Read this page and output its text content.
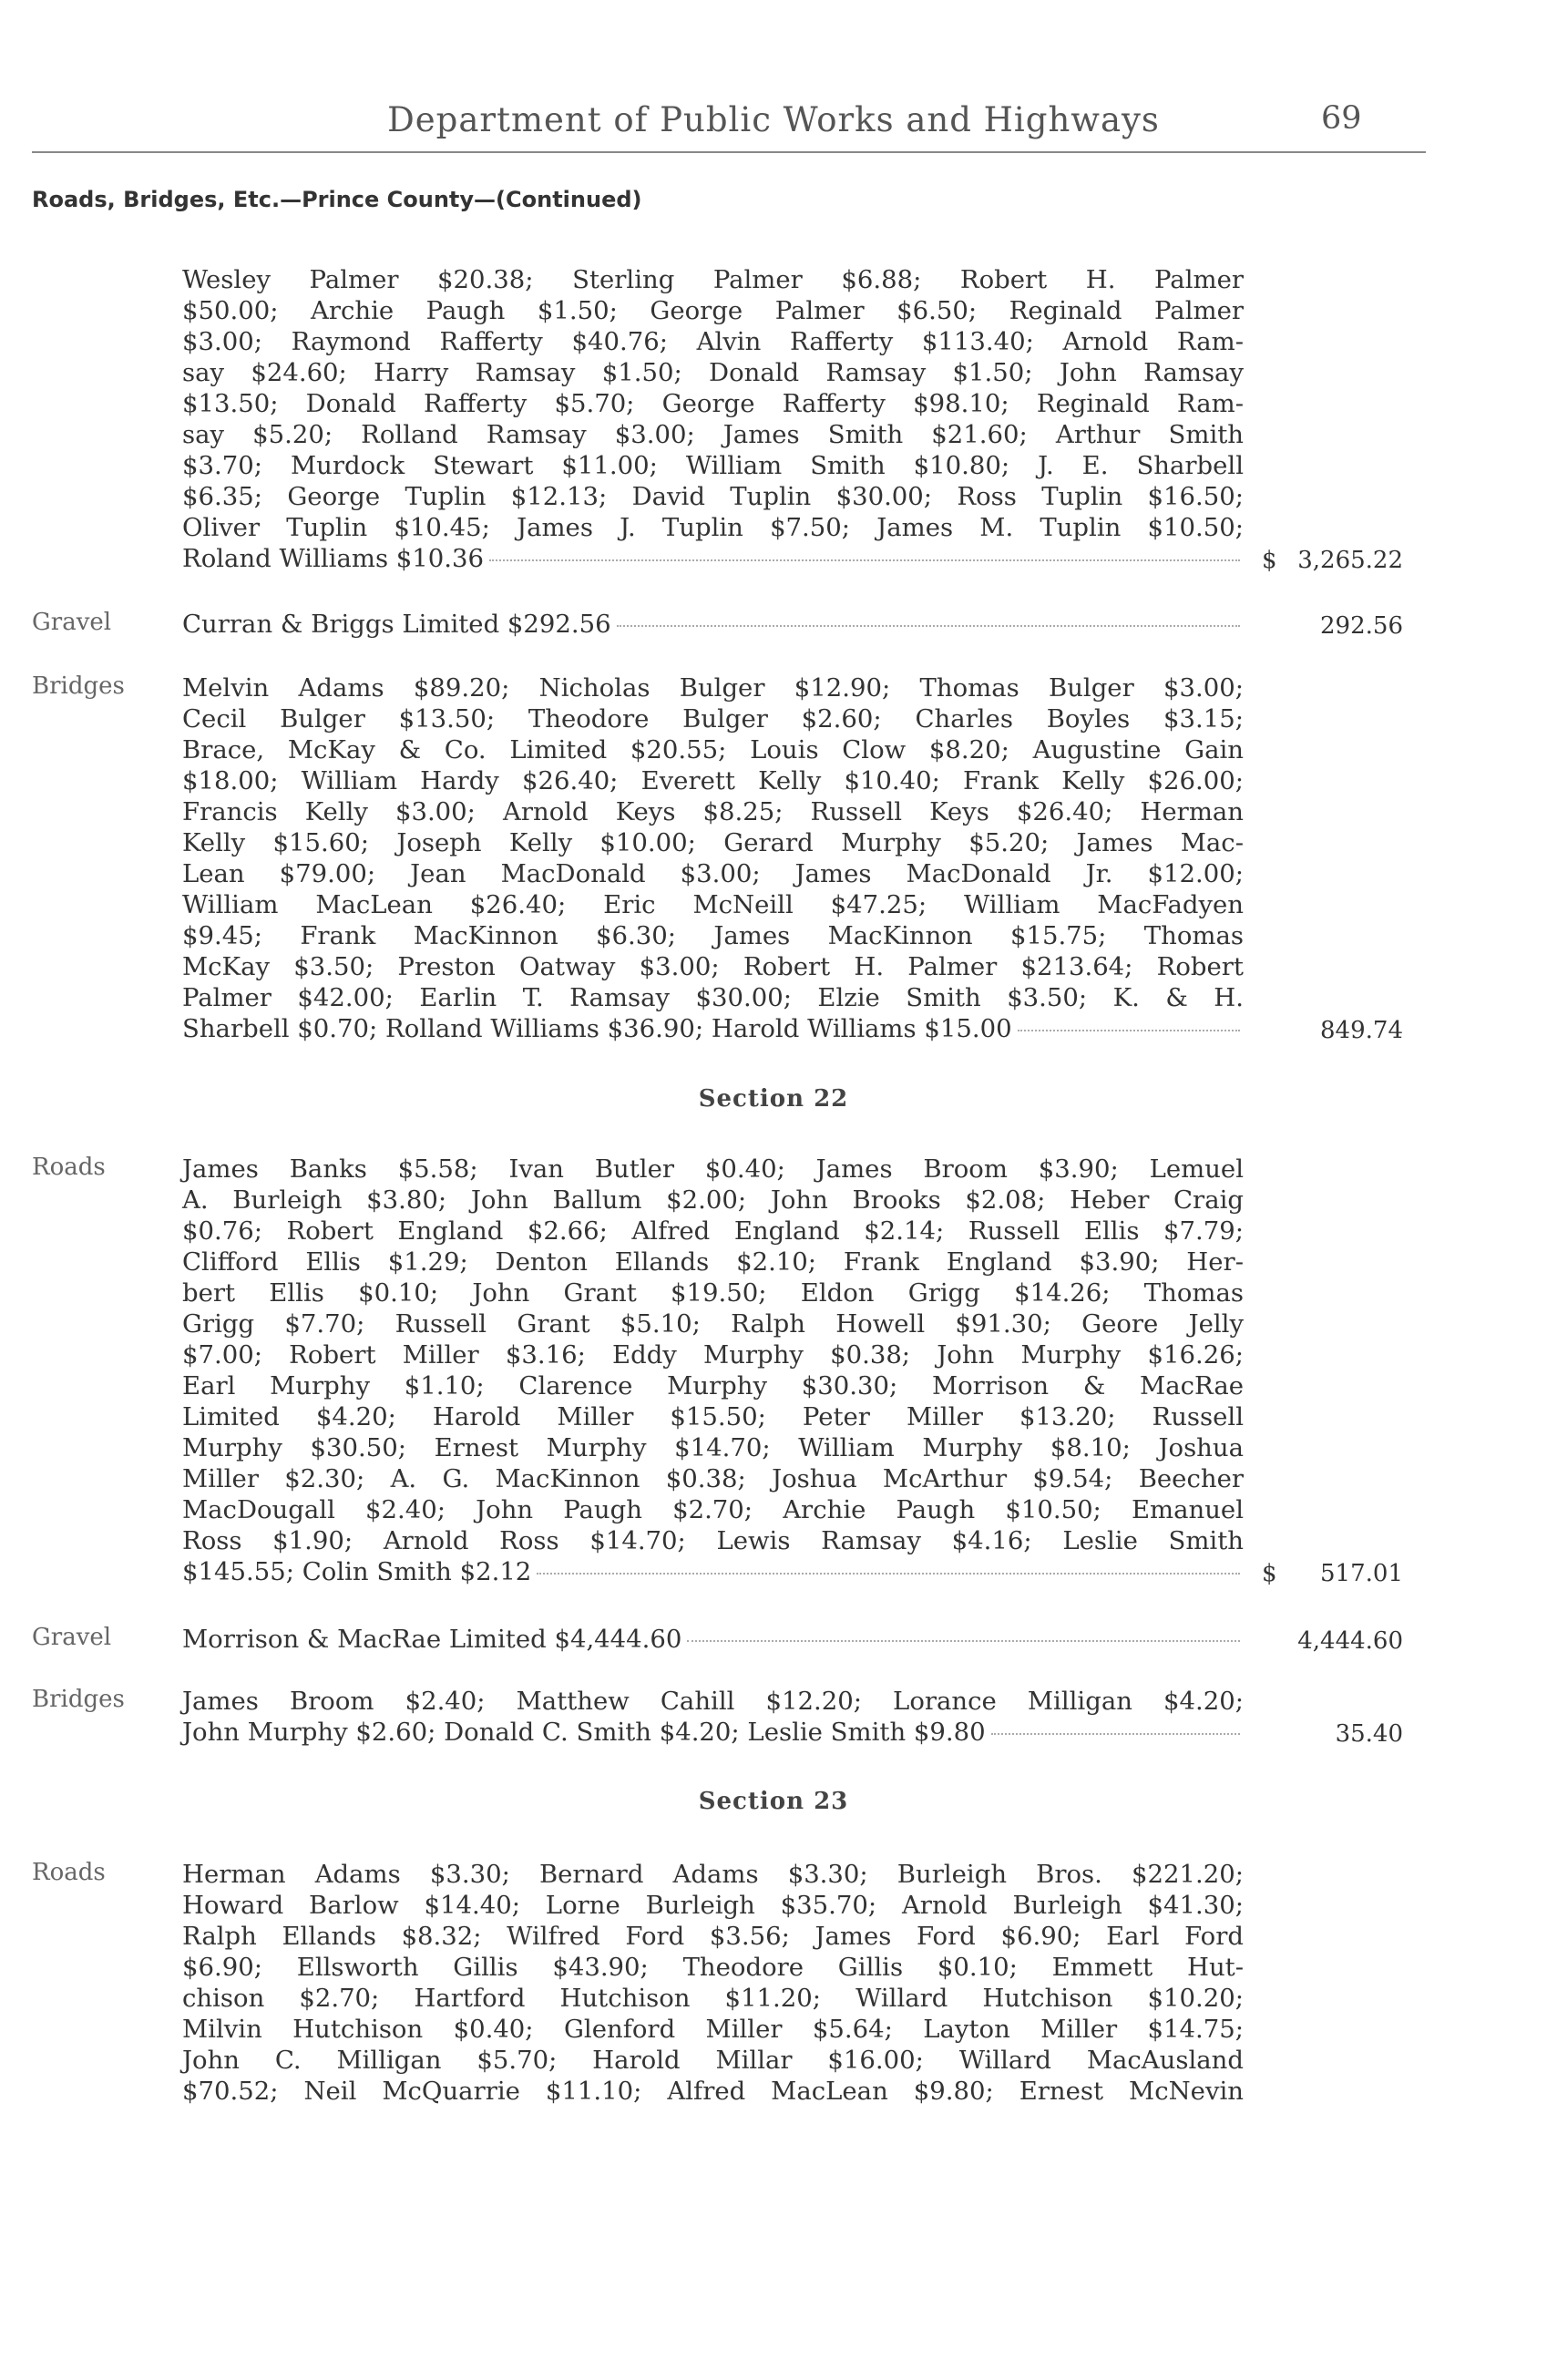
Department of Public Works and Highways	69
Roads, Bridges, Etc.—Prince County—(Continued)
Wesley Palmer $20.38; Sterling Palmer $6.88; Robert H. Palmer
$50.00; Archie Paugh $1.50; George Palmer $6.50; Reginald Palmer
$3.00; Raymond Rafferty $40.76; Alvin Rafferty $113.40; Arnold Ram-
say $24.60; Harry Ramsay $1.50; Donald Ramsay $1.50; John Ramsay
$13.50; Donald Rafferty $5.70; George Rafferty $98.10; Reginald Ram-
say $5.20; Rolland Ramsay $3.00; James Smith $21.60; Arthur Smith
$3.70; Murdock Stewart $11.00; William Smith $10.80; J. E. Sharbell
$6.35; George Tuplin $12.13; David Tuplin $30.00; Ross Tuplin $16.50;
Oliver Tuplin $10.45; James J. Tuplin $7.50; James M. Tuplin $10.50;
Roland Williams $10.36	$ 3,265.22
Gravel	Curran & Briggs Limited $292.56	292.56
Bridges	Melvin Adams $89.20; Nicholas Bulger $12.90; Thomas Bulger $3.00;
Cecil Bulger $13.50; Theodore Bulger $2.60; Charles Boyles $3.15;
Brace, McKay & Co. Limited $20.55; Louis Clow $8.20; Augustine Gain
$18.00; William Hardy $26.40; Everett Kelly $10.40; Frank Kelly $26.00;
Francis Kelly $3.00; Arnold Keys $8.25; Russell Keys $26.40; Herman
Kelly $15.60; Joseph Kelly $10.00; Gerard Murphy $5.20; James Mac-
Lean $79.00; Jean MacDonald $3.00; James MacDonald Jr. $12.00;
William MacLean $26.40; Eric McNeill $47.25; William MacFadyen
$9.45; Frank MacKinnon $6.30; James MacKinnon $15.75; Thomas
McKay $3.50; Preston Oatway $3.00; Robert H. Palmer $213.64; Robert
Palmer $42.00; Earlin T. Ramsay $30.00; Elzie Smith $3.50; K. & H.
Sharbell $0.70; Rolland Williams $36.90; Harold Williams $15.00	849.74
Section 22
Roads	James Banks $5.58; Ivan Butler $0.40; James Broom $3.90; Lemuel
A. Burleigh $3.80; John Ballum $2.00; John Brooks $2.08; Heber Craig
$0.76; Robert England $2.66; Alfred England $2.14; Russell Ellis $7.79;
Clifford Ellis $1.29; Denton Ellands $2.10; Frank England $3.90; Her-
bert Ellis $0.10; John Grant $19.50; Eldon Grigg $14.26; Thomas
Grigg $7.70; Russell Grant $5.10; Ralph Howell $91.30; Geore Jelly
$7.00; Robert Miller $3.16; Eddy Murphy $0.38; John Murphy $16.26;
Earl Murphy $1.10; Clarence Murphy $30.30; Morrison & MacRae
Limited $4.20; Harold Miller $15.50; Peter Miller $13.20; Russell
Murphy $30.50; Ernest Murphy $14.70; William Murphy $8.10; Joshua
Miller $2.30; A. G. MacKinnon $0.38; Joshua McArthur $9.54; Beecher
MacDougall $2.40; John Paugh $2.70; Archie Paugh $10.50; Emanuel
Ross $1.90; Arnold Ross $14.70; Lewis Ramsay $4.16; Leslie Smith
$145.55; Colin Smith $2.12	$ 517.01
Gravel	Morrison & MacRae Limited $4,444.60	4,444.60
Bridges	James Broom $2.40; Matthew Cahill $12.20; Lorance Milligan $4.20;
John Murphy $2.60; Donald C. Smith $4.20; Leslie Smith $9.80	35.40
Section 23
Roads	Herman Adams $3.30; Bernard Adams $3.30; Burleigh Bros. $221.20;
Howard Barlow $14.40; Lorne Burleigh $35.70; Arnold Burleigh $41.30;
Ralph Ellands $8.32; Wilfred Ford $3.56; James Ford $6.90; Earl Ford
$6.90; Ellsworth Gillis $43.90; Theodore Gillis $0.10; Emmett Hut-
chison $2.70; Hartford Hutchison $11.20; Willard Hutchison $10.20;
Milvin Hutchison $0.40; Glenford Miller $5.64; Layton Miller $14.75;
John C. Milligan $5.70; Harold Millar $16.00; Willard MacAusland
$70.52; Neil McQuarrie $11.10; Alfred MacLean $9.80; Ernest McNevin
